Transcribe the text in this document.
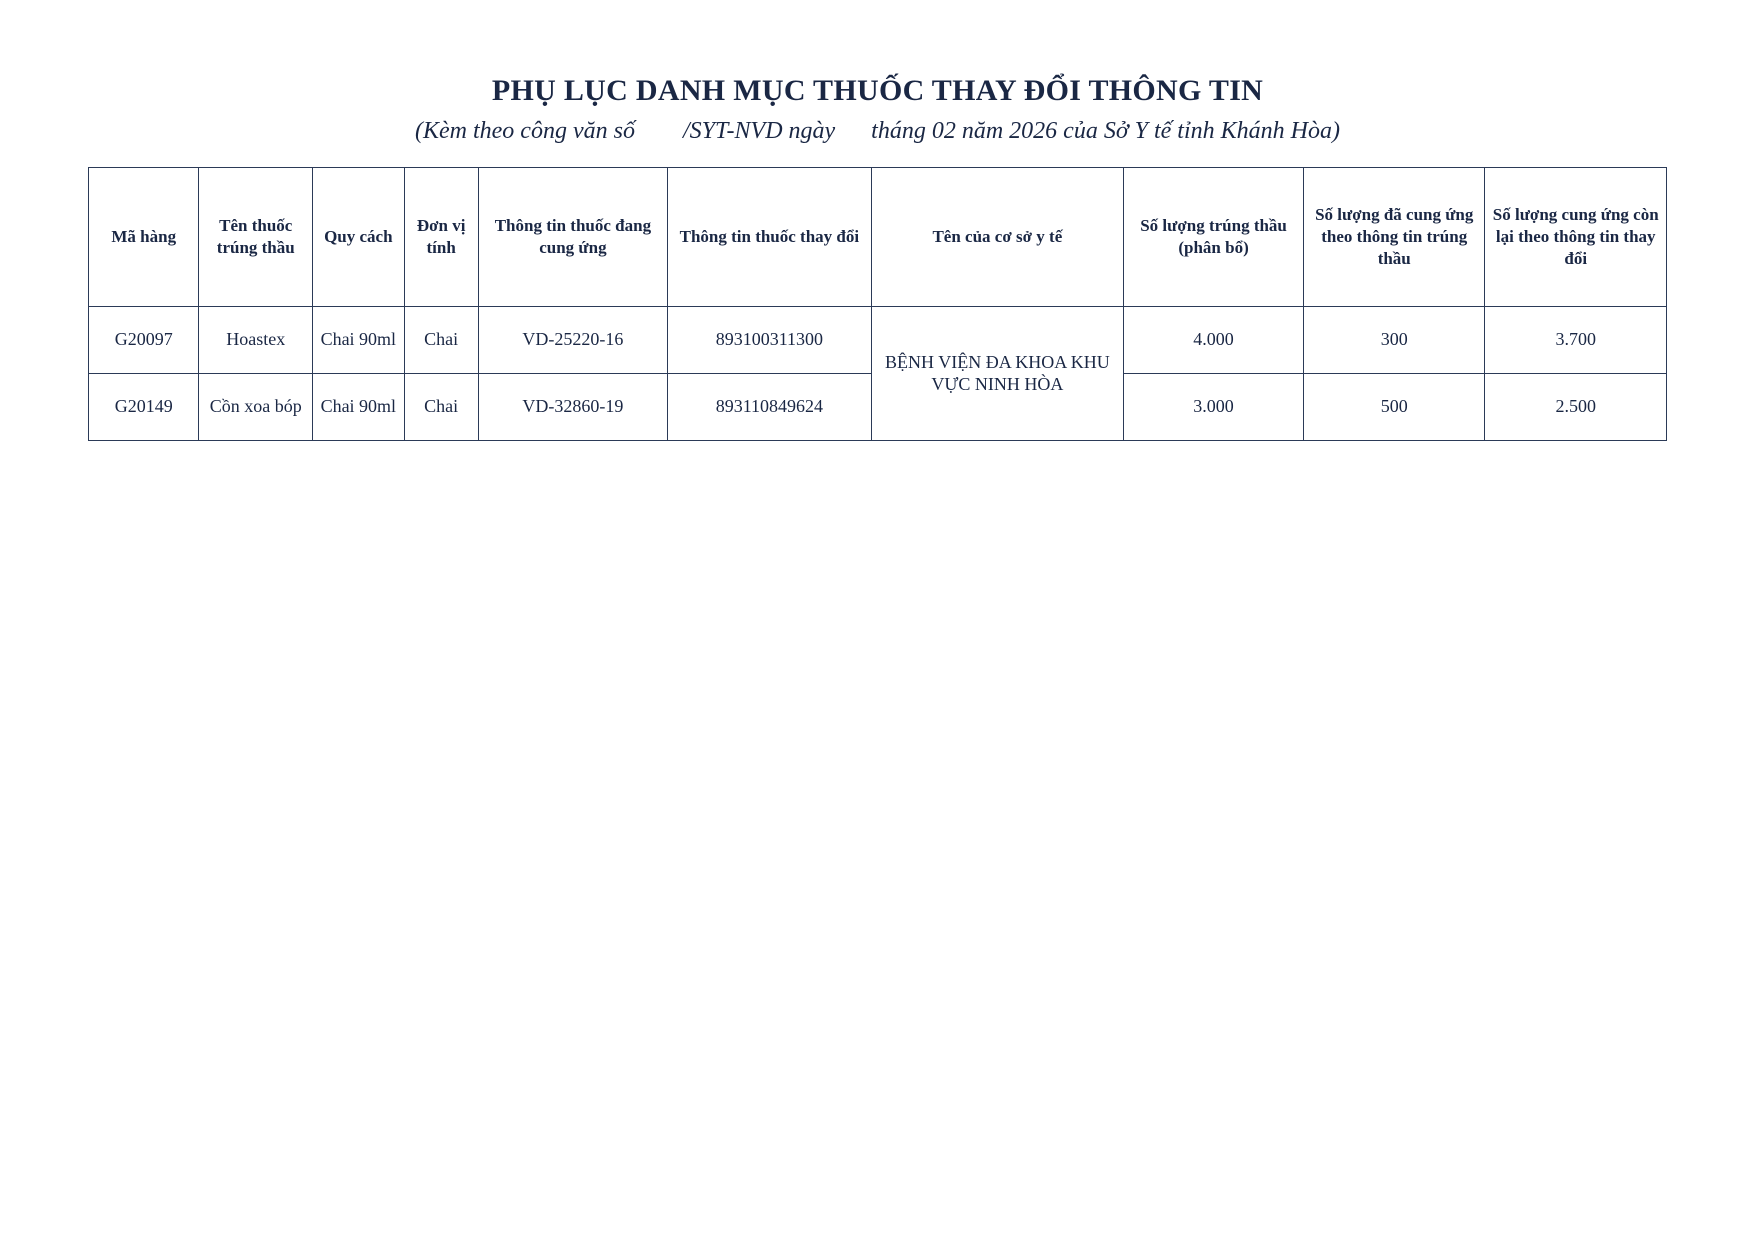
PHỤ LỤC DANH MỤC THUỐC THAY ĐỔI THÔNG TIN
(Kèm theo công văn số        /SYT-NVD ngày      tháng 02 năm 2026 của Sở Y tế tỉnh Khánh Hòa)
Mã hàng	Tên thuốc trúng thầu	Quy cách	Đơn vị tính	Thông tin thuốc đang cung ứng	Thông tin thuốc thay đổi	Tên của cơ sở y tế	Số lượng trúng thầu (phân bổ)	Số lượng đã cung ứng theo thông tin trúng thầu	Số lượng cung ứng còn lại theo thông tin thay đổi
G20097	Hoastex	Chai 90ml	Chai	VD-25220-16	893100311300	BỆNH VIỆN ĐA KHOA KHU VỰC NINH HÒA	4.000	300	3.700
G20149	Cồn xoa bóp	Chai 90ml	Chai	VD-32860-19	893110849624		3.000	500	2.500
